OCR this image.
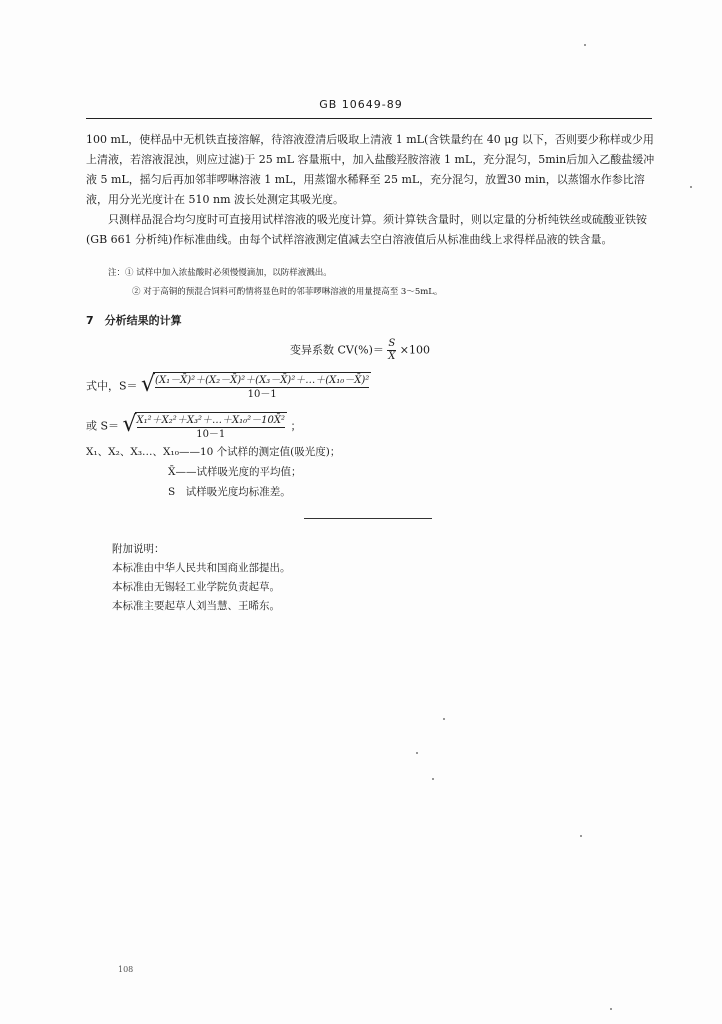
GB 10649-89
100 mL，使样品中无机铁直接溶解，待溶液澄清后吸取上清液 1 mL(含铁量约在 40 μg 以下，否则要少称样或少用上清液，若溶液混浊，则应过滤)于 25 mL 容量瓶中，加入盐酸羟胺溶液 1 mL，充分混匀，5min后加入乙酸盐缓冲液 5 mL，摇匀后再加邻菲啰啉溶液 1 mL，用蒸馏水稀释至 25 mL，充分混匀，放置30 min，以蒸馏水作参比溶液，用分光光度计在 510 nm 波长处测定其吸光度。
只测样品混合均匀度时可直接用试样溶液的吸光度计算。须计算铁含量时，则以定量的分析纯铁丝或硫酸亚铁铵(GB 661 分析纯)作标准曲线。由每个试样溶液测定值减去空白溶液值后从标准曲线上求得样品液的铁含量。
注：① 试样中加入浓盐酸时必须慢慢滴加，以防样液溅出。
② 对于高铜的预混合饲料可酌情将显色时的邻菲啰啉溶液的用量提高至 3～5mL。
7　分析结果的计算
变异系数 $CV(\%)= \frac{S}{X} \times 100$
式中，S＝ √ $\frac{\text{(X₁－X̄)²＋(X₂－X̄)²＋(X₃－X̄)²＋…＋(X₁₀－X̄)²}}{10-1}$
或 S＝ √ $\frac{\text{X₁²＋X₂²＋X₃²＋…＋X₁₀²－10X̄²}}{10-1}$ ；
X₁、X₂、X₃…、X₁₀——10 个试样的测定值(吸光度)；
X̄——试样吸光度的平均值；
S　试样吸光度均标准差。
附加说明：
本标准由中华人民共和国商业部提出。
本标准由无锡轻工业学院负责起草。
本标准主要起草人刘当慧、王晞东。
108
